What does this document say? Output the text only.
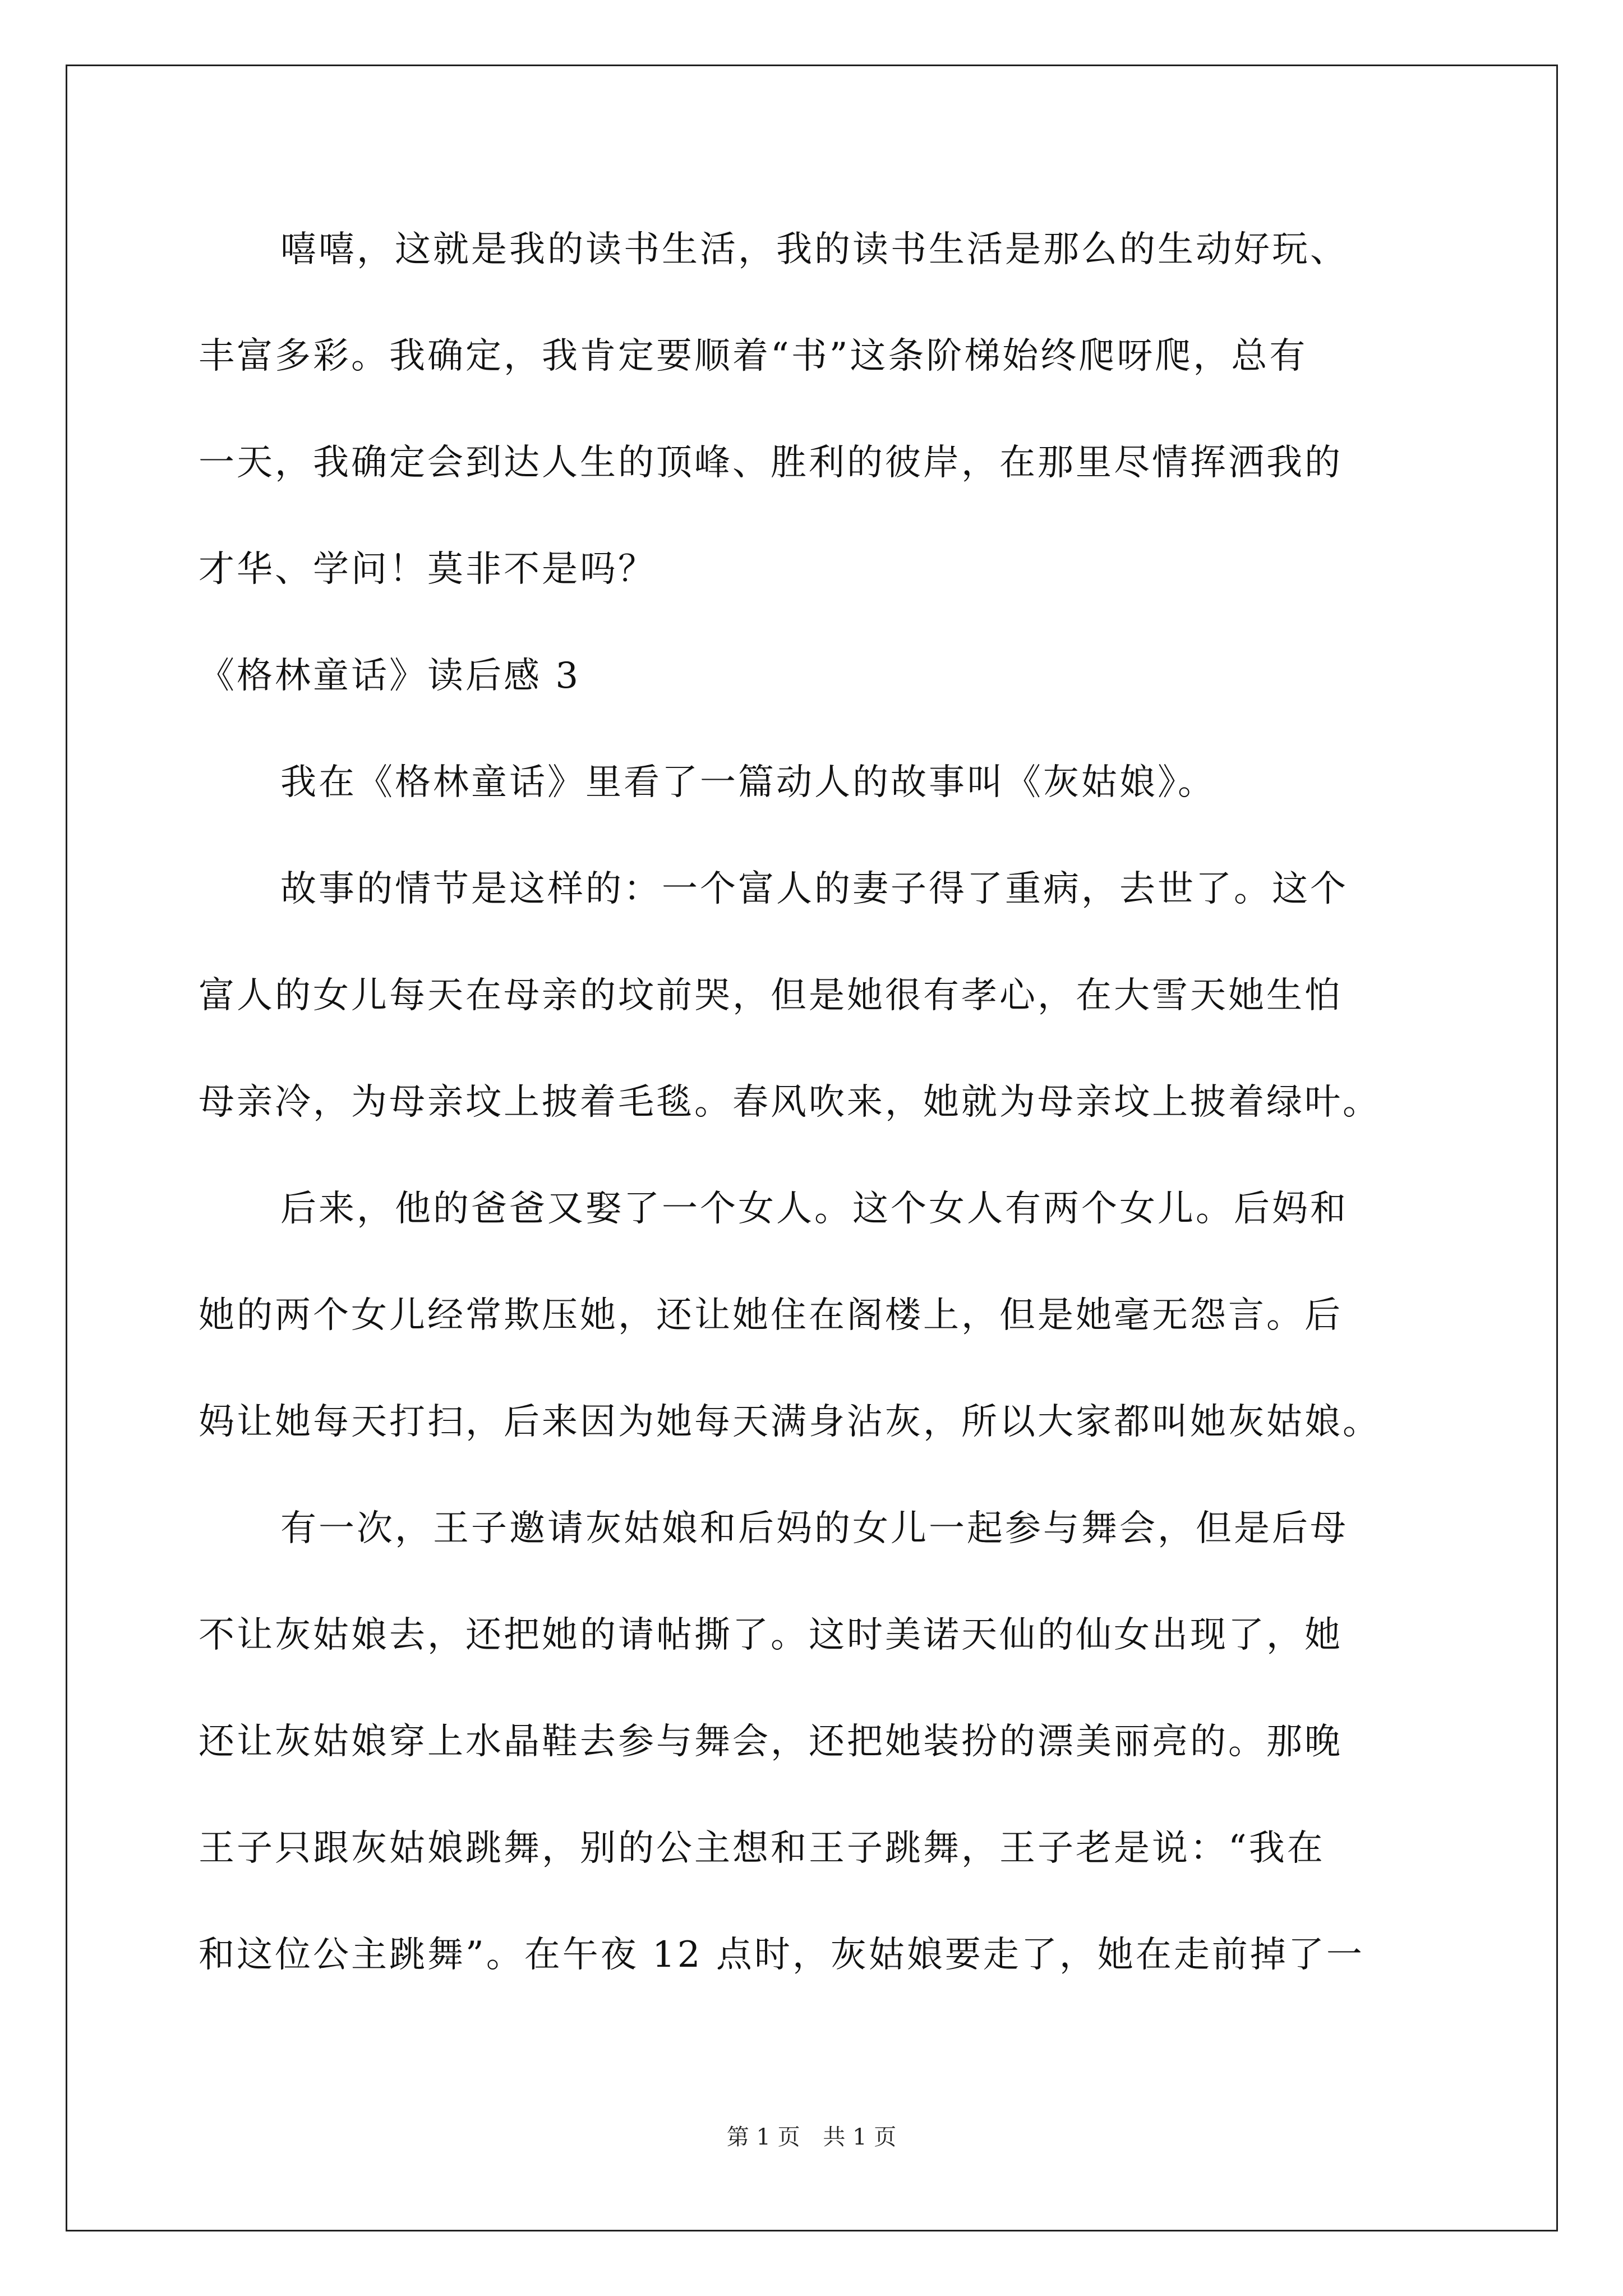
嘻嘻，这就是我的读书生活，我的读书生活是那么的生动好玩、
丰富多彩。我确定，我肯定要顺着“书”这条阶梯始终爬呀爬，总有
一天，我确定会到达人生的顶峰、胜利的彼岸，在那里尽情挥洒我的
才华、学问！莫非不是吗？
《格林童话》读后感 3
我在《格林童话》里看了一篇动人的故事叫《灰姑娘》。
故事的情节是这样的：一个富人的妻子得了重病，去世了。这个
富人的女儿每天在母亲的坟前哭，但是她很有孝心，在大雪天她生怕
母亲冷，为母亲坟上披着毛毯。春风吹来，她就为母亲坟上披着绿叶。
后来，他的爸爸又娶了一个女人。这个女人有两个女儿。后妈和
她的两个女儿经常欺压她，还让她住在阁楼上，但是她毫无怨言。后
妈让她每天打扫，后来因为她每天满身沾灰，所以大家都叫她灰姑娘。
有一次，王子邀请灰姑娘和后妈的女儿一起参与舞会，但是后母
不让灰姑娘去，还把她的请帖撕了。这时美诺天仙的仙女出现了，她
还让灰姑娘穿上水晶鞋去参与舞会，还把她装扮的漂美丽亮的。那晚
王子只跟灰姑娘跳舞，别的公主想和王子跳舞，王子老是说：“我在
和这位公主跳舞”。在午夜 12 点时，灰姑娘要走了，她在走前掉了一
第 1 页 共 1 页
